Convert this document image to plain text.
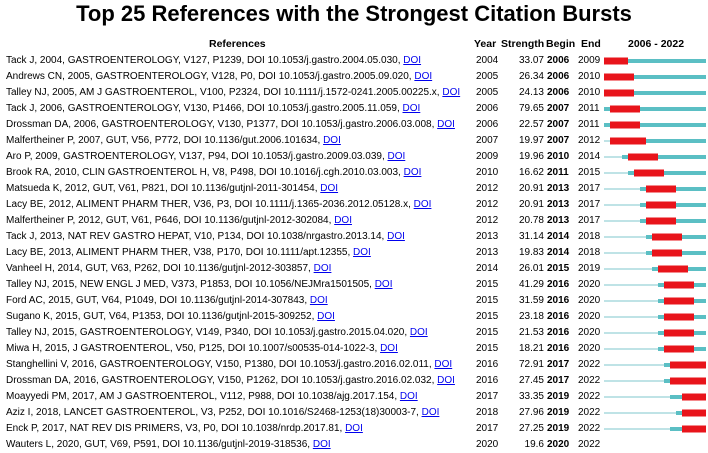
Top 25 References with the Strongest Citation Bursts
References	Year Strength Begin End	2006 - 2022
Tack J, 2004, GASTROENTEROLOGY, V127, P1239, DOI 10.1053/j.gastro.2004.05.030, DOI	2004	33.07 2006 2009
Andrews CN, 2005, GASTROENTEROLOGY, V128, P0, DOI 10.1053/j.gastro.2005.09.020, DOI	2005	26.34 2006 2010
Talley NJ, 2005, AM J GASTROENTEROL, V100, P2324, DOI 10.1111/j.1572-0241.2005.00225.x, DOI 2005	24.13 2006 2010
Tack J, 2006, GASTROENTEROLOGY, V130, P1466, DOI 10.1053/j.gastro.2005.11.059, DOI	2006	79.65 2007 2011
Drossman DA, 2006, GASTROENTEROLOGY, V130, P1377, DOI 10.1053/j.gastro.2006.03.008, DOI 2006	22.57 2007 2011
Malfertheiner P, 2007, GUT, V56, P772, DOI 10.1136/gut.2006.101634, DOI	2007	19.97 2007 2012
Aro P, 2009, GASTROENTEROLOGY, V137, P94, DOI 10.1053/j.gastro.2009.03.039, DOI	2009	19.96 2010 2014
Brook RA, 2010, CLIN GASTROENTEROL H, V8, P498, DOI 10.1016/j.cgh.2010.03.003, DOI	2010	16.62 2011 2015
Matsueda K, 2012, GUT, V61, P821, DOI 10.1136/gutjnl-2011-301454, DOI	2012	20.91 2013 2017
Lacy BE, 2012, ALIMENT PHARM THER, V36, P3, DOI 10.1111/j.1365-2036.2012.05128.x, DOI	2012	20.91 2013 2017
Malfertheiner P, 2012, GUT, V61, P646, DOI 10.1136/gutjnl-2012-302084, DOI	2012	20.78 2013 2017
Tack J, 2013, NAT REV GASTRO HEPAT, V10, P134, DOI 10.1038/nrgastro.2013.14, DOI	2013	31.14 2014 2018
Lacy BE, 2013, ALIMENT PHARM THER, V38, P170, DOI 10.1111/apt.12355, DOI	2013	19.83 2014 2018
Vanheel H, 2014, GUT, V63, P262, DOI 10.1136/gutjnl-2012-303857, DOI	2014	26.01 2015 2019
Talley NJ, 2015, NEW ENGL J MED, V373, P1853, DOI 10.1056/NEJMra1501505, DOI	2015	41.29 2016 2020
Ford AC, 2015, GUT, V64, P1049, DOI 10.1136/gutjnl-2014-307843, DOI	2015	31.59 2016 2020
Sugano K, 2015, GUT, V64, P1353, DOI 10.1136/gutjnl-2015-309252, DOI	2015	23.18 2016 2020
Talley NJ, 2015, GASTROENTEROLOGY, V149, P340, DOI 10.1053/j.gastro.2015.04.020, DOI	2015	21.53 2016 2020
Miwa H, 2015, J GASTROENTEROL, V50, P125, DOI 10.1007/s00535-014-1022-3, DOI	2015	18.21 2016 2020
Stanghellini V, 2016, GASTROENTEROLOGY, V150, P1380, DOI 10.1053/j.gastro.2016.02.011, DOI 2016	72.91 2017 2022
Drossman DA, 2016, GASTROENTEROLOGY, V150, P1262, DOI 10.1053/j.gastro.2016.02.032, DOI 2016	27.45 2017 2022
Moayyedi PM, 2017, AM J GASTROENTEROL, V112, P988, DOI 10.1038/ajg.2017.154, DOI	2017	33.35 2019 2022
Aziz I, 2018, LANCET GASTROENTEROL, V3, P252, DOI 10.1016/S2468-1253(18)30003-7, DOI	2018	27.96 2019 2022
Enck P, 2017, NAT REV DIS PRIMERS, V3, P0, DOI 10.1038/nrdp.2017.81, DOI	2017	27.25 2019 2022
Wauters L, 2020, GUT, V69, P591, DOI 10.1136/gutjnl-2019-318536, DOI	2020	19.6 2020 2022
